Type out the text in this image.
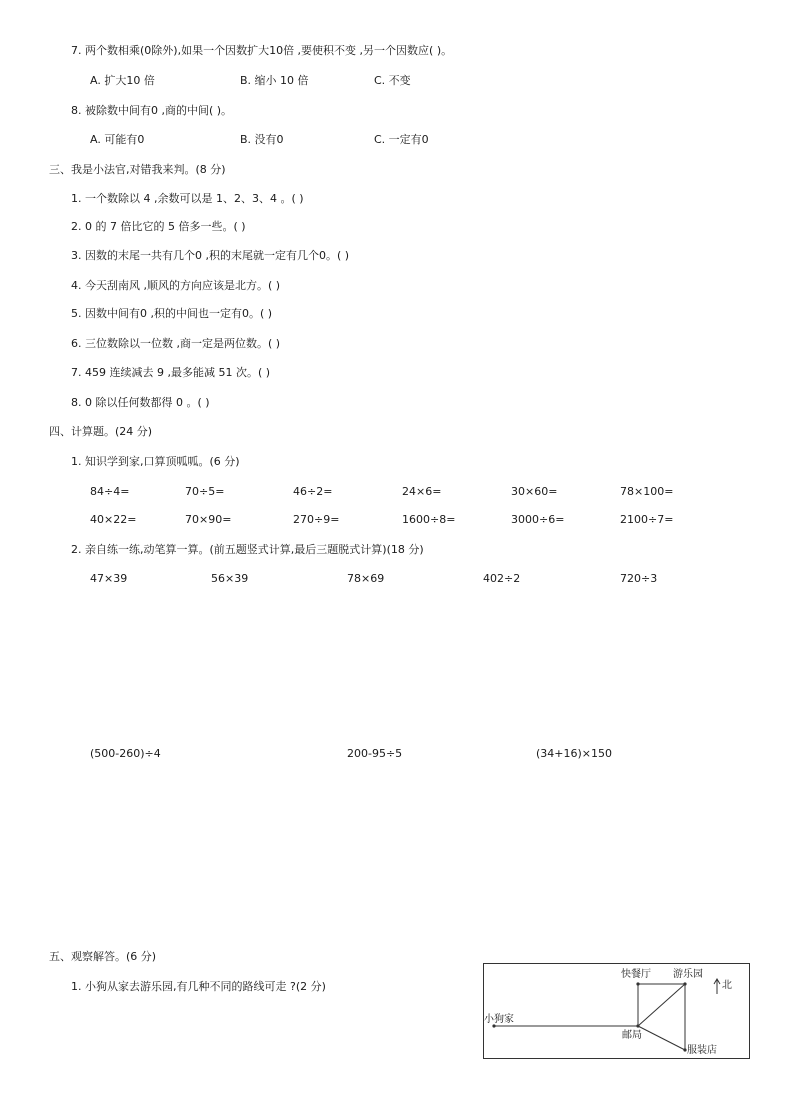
7. 两个数相乘(0除外),如果一个因数扩大10倍 ,要使积不变 ,另一个因数应( )。
A. 扩大10 倍	B. 缩小 10 倍	C. 不变
8. 被除数中间有0 ,商的中间( )。
A. 可能有0	B. 没有0	C. 一定有0
三、我是小法官,对错我来判。(8 分)
1. 一个数除以 4 ,余数可以是 1、2、3、4 。( )
2. 0 的 7 倍比它的 5 倍多一些。( )
3. 因数的末尾一共有几个0 ,积的末尾就一定有几个0。( )
4. 今天刮南风 ,顺风的方向应该是北方。( )
5. 因数中间有0 ,积的中间也一定有0。( )
6. 三位数除以一位数 ,商一定是两位数。( )
7. 459 连续减去 9 ,最多能减 51 次。( )
8. 0 除以任何数都得 0 。( )
四、计算题。(24 分)
1. 知识学到家,口算顶呱呱。(6 分)
84÷4=	70÷5=	46÷2=	24×6=	30×60=	78×100=
40×22=	70×90=	270÷9=	1600÷8=	3000÷6=	2100÷7=
2. 亲自练一练,动笔算一算。(前五题竖式计算,最后三题脱式计算)(18 分)
47×39	56×39	78×69	402÷2	720÷3
(500-260)÷4	200-95÷5	(34+16)×150
五、观察解答。(6 分)
1. 小狗从家去游乐园,有几种不同的路线可走 ?(2 分)
快餐厅 游乐园
北
小狗家
邮局
服装店
